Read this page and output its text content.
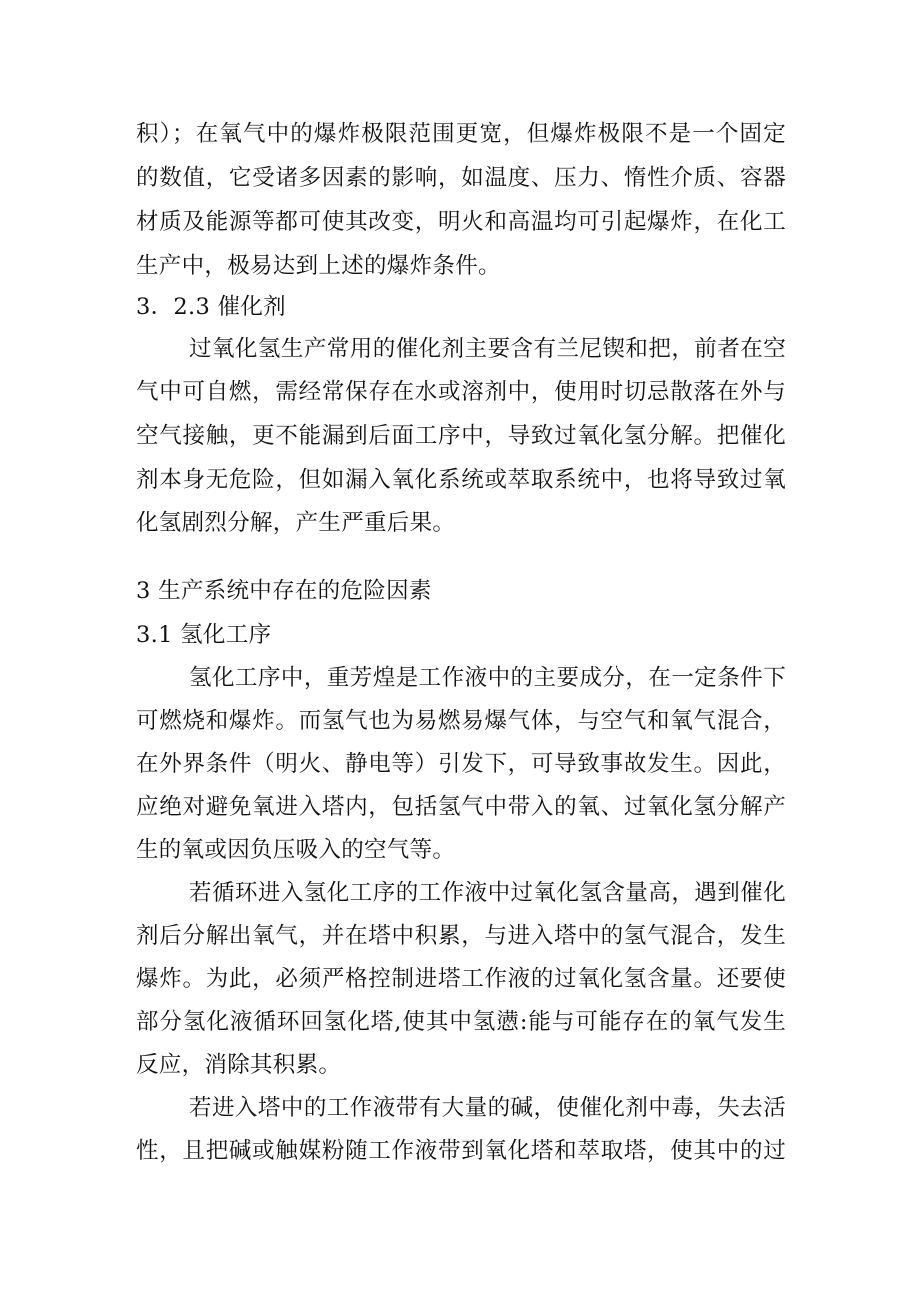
积）；在氧气中的爆炸极限范围更宽，但爆炸极限不是一个固定
的数值，它受诸多因素的影响，如温度、压力、惰性介质、容器
材质及能源等都可使其改变，明火和高温均可引起爆炸，在化工
生产中，极易达到上述的爆炸条件。
3．2.3 催化剂
过氧化氢生产常用的催化剂主要含有兰尼锲和把，前者在空
气中可自燃，需经常保存在水或溶剂中，使用时切忌散落在外与
空气接触，更不能漏到后面工序中，导致过氧化氢分解。把催化
剂本身无危险，但如漏入氧化系统或萃取系统中，也将导致过氧
化氢剧烈分解，产生严重后果。
3 生产系统中存在的危险因素
3.1 氢化工序
氢化工序中，重芳煌是工作液中的主要成分，在一定条件下
可燃烧和爆炸。而氢气也为易燃易爆气体，与空气和氧气混合，
在外界条件（明火、静电等）引发下，可导致事故发生。因此，
应绝对避免氧进入塔内，包括氢气中带入的氧、过氧化氢分解产
生的氧或因负压吸入的空气等。
若循环进入氢化工序的工作液中过氧化氢含量高，遇到催化
剂后分解出氧气，并在塔中积累，与进入塔中的氢气混合，发生
爆炸。为此，必须严格控制进塔工作液的过氧化氢含量。还要使
部分氢化液循环回氢化塔,使其中氢懑:能与可能存在的氧气发生
反应，消除其积累。
若进入塔中的工作液带有大量的碱，使催化剂中毒，失去活
性，且把碱或触媒粉随工作液带到氧化塔和萃取塔，使其中的过
